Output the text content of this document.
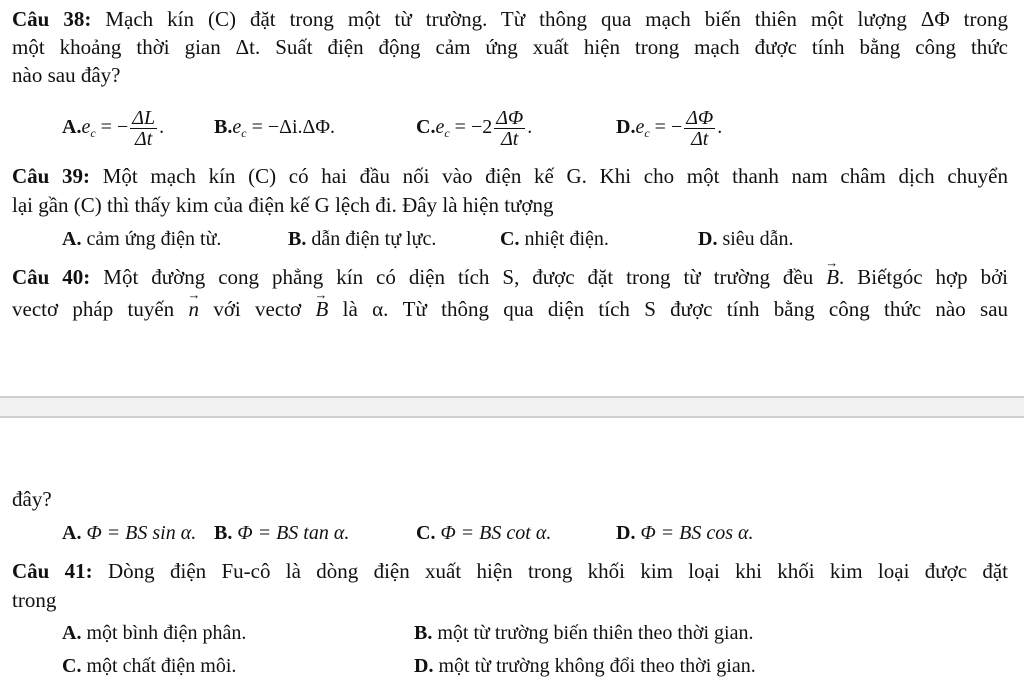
Câu 38: Mạch kín (C) đặt trong một từ trường. Từ thông qua mạch biến thiên một lượng ΔΦ trong
một khoảng thời gian Δt. Suất điện động cảm ứng xuất hiện trong mạch được tính bằng công thức
nào sau đây?
$A.e_c$ = − $\frac{\Delta L}{\Delta t}$ . $B.e_c = -\Delta i.\Delta\Phi$.	$C.e_c = -2 \frac{\Delta\Phi}{\Delta t}$ .	$D.e_c$ = − $\frac{\Delta\Phi}{\Delta t}$ .
Câu 39: Một mạch kín (C) có hai đầu nối vào điện kế G. Khi cho một thanh nam châm dịch chuyển
lại gần (C) thì thấy kim của điện kế G lệch đi. Đây là hiện tượng
A. cảm ứng điện từ.	B. dẫn điện tự lực.	C. nhiệt điện.	D. siêu dẫn.
Câu 40: Một đường cong phẳng kín có diện tích S, được đặt trong từ trường đều → B. Biếtgóc hợp bởi
vectơ pháp tuyến → n với vectơ → B là α. Từ thông qua diện tích S được tính bằng công thức nào sau
đây?
A. Φ = BS sin α. B. Φ = BS tan α.	C. Φ = BS cot α.	D. Φ = BS cos α.
Câu 41: Dòng điện Fu-cô là dòng điện xuất hiện trong khối kim loại khi khối kim loại được đặt
trong
A. một bình điện phân.	B. một từ trường biến thiên theo thời gian.
C. một chất điện môi.	D. một từ trường không đổi theo thời gian.
